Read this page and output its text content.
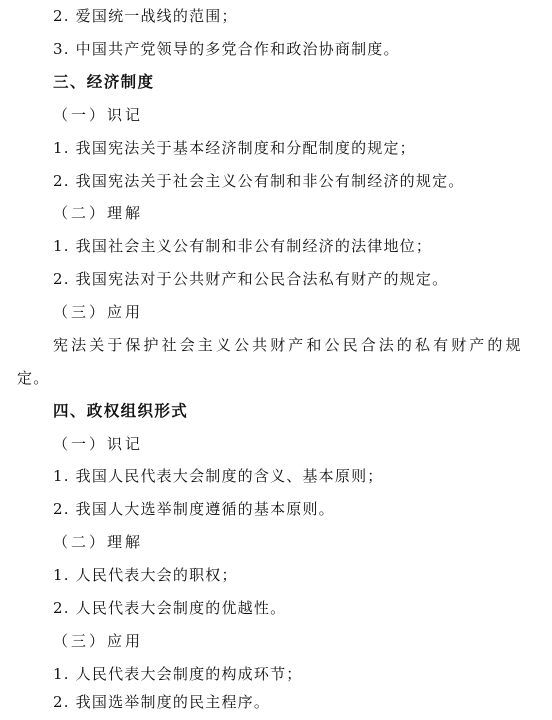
2. 爱国统一战线的范围；
3. 中国共产党领导的多党合作和政治协商制度。
三、经济制度
（一）识记
1. 我国宪法关于基本经济制度和分配制度的规定；
2. 我国宪法关于社会主义公有制和非公有制经济的规定。
（二）理解
1. 我国社会主义公有制和非公有制经济的法律地位；
2. 我国宪法对于公共财产和公民合法私有财产的规定。
（三）应用
宪法关于保护社会主义公共财产和公民合法的私有财产的规
定。
四、政权组织形式
（一）识记
1. 我国人民代表大会制度的含义、基本原则；
2. 我国人大选举制度遵循的基本原则。
（二）理解
1. 人民代表大会的职权；
2. 人民代表大会制度的优越性。
（三）应用
1. 人民代表大会制度的构成环节；
2. 我国选举制度的民主程序。
